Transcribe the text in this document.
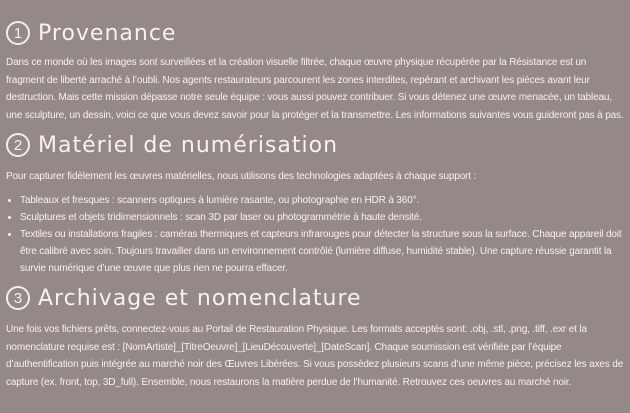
1 Provenance

Dans ce monde où les images sont surveillées et la création visuelle filtrée, chaque œuvre physique récupérée par la Résistance est un fragment de liberté arraché à l’oubli. Nos agents restaurateurs parcourent les zones interdites, repérant et archivant les pièces avant leur destruction. Mais cette mission dépasse notre seule équipe : vous aussi pouvez contribuer. Si vous détenez une œuvre menacée, un tableau, une sculpture, un dessin, voici ce que vous devez savoir pour la protéger et la transmettre. Les informations suivantes vous guideront pas à pas.

2 Matériel de numérisation

Pour capturer fidèlement les œuvres matérielles, nous utilisons des technologies adaptées à chaque support :

• Tableaux et fresques : scanners optiques à lumière rasante, ou photographie en HDR à 360°.
• Sculptures et objets tridimensionnels : scan 3D par laser ou photogrammétrie à haute densité.
• Textiles ou installations fragiles : caméras thermiques et capteurs infrarouges pour détecter la structure sous la surface. Chaque appareil doit être calibré avec soin. Toujours travailler dans un environnement contrôlé (lumière diffuse, humidité stable). Une capture réussie garantit la survie numérique d’une œuvre que plus rien ne pourra effacer.
3 Archivage et nomenclature

Une fois vos fichiers prêts, connectez-vous au Portail de Restauration Physique. Les formats acceptés sont: .obj, .stl, .png, .tiff, .exr et la nomenclature requise est : [NomArtiste]_[TitreOeuvre]_[LieuDécouverte]_[DateScan]. Chaque soumission est vérifiée par l’équipe d’authentification puis intégrée au marché noir des Œuvres Libérées. Si vous possédez plusieurs scans d’une même pièce, précisez les axes de capture (ex. front, top, 3D_full). Ensemble, nous restaurons la matière perdue de l’humanité. Retrouvez ces oeuvres au marché noir.
